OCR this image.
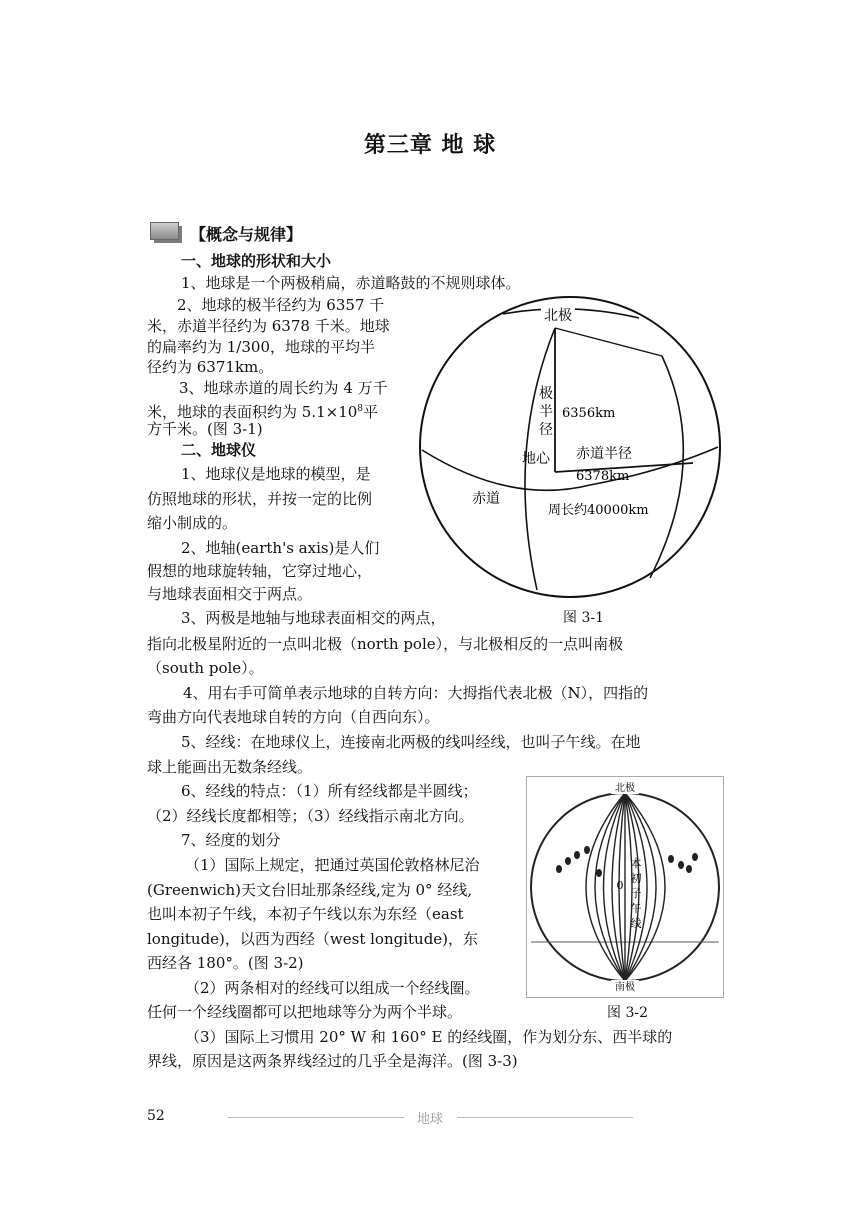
第三章 地 球
【概念与规律】
一、地球的形状和大小
1、地球是一个两极稍扁，赤道略鼓的不规则球体。
2、地球的极半径约为 6357 千
米，赤道半径约为 6378 千米。地球
的扁率约为 1/300，地球的平均半
径约为 6371km。
3、地球赤道的周长约为 4 万千
米，地球的表面积约为 $5.1\times 10^8$平
方千米。(图 3-1)
二、地球仪
1、地球仪是地球的模型，是
仿照地球的形状，并按一定的比例
缩小制成的。
2、地轴(earth's axis)是人们
假想的地球旋转轴，它穿过地心，
与地球表面相交于两点。
3、两极是地轴与地球表面相交的两点，
指向北极星附近的一点叫北极（north pole），与北极相反的一点叫南极
（south pole）。
4、用右手可简单表示地球的自转方向：大拇指代表北极（N），四指的
弯曲方向代表地球自转的方向（自西向东）。
5、经线：在地球仪上，连接南北两极的线叫经线，也叫子午线。在地
球上能画出无数条经线。
6、经线的特点：（1）所有经线都是半圆线；
（2）经线长度都相等；（3）经线指示南北方向。
7、经度的划分
（1）国际上规定，把通过英国伦敦格林尼治
(Greenwich)天文台旧址那条经线,定为 0° 经线,
也叫本初子午线，本初子午线以东为东经（east
longitude)，以西为西经（west longitude)，东
西经各 180°。(图 3-2)
（2）两条相对的经线可以组成一个经线圈。
任何一个经线圈都可以把地球等分为两个半球。
（3）国际上习惯用 20° W 和 160° E 的经线圈，作为划分东、西半球的
界线，原因是这两条界线经过的几乎全是海洋。(图 3-3)
北极
极
半
径
6356km
地心 赤道半径
6378km
赤道
周长约40000km
图 3-1
北极
0
本
初
子
午
线
南极
图 3-2
52	地球
